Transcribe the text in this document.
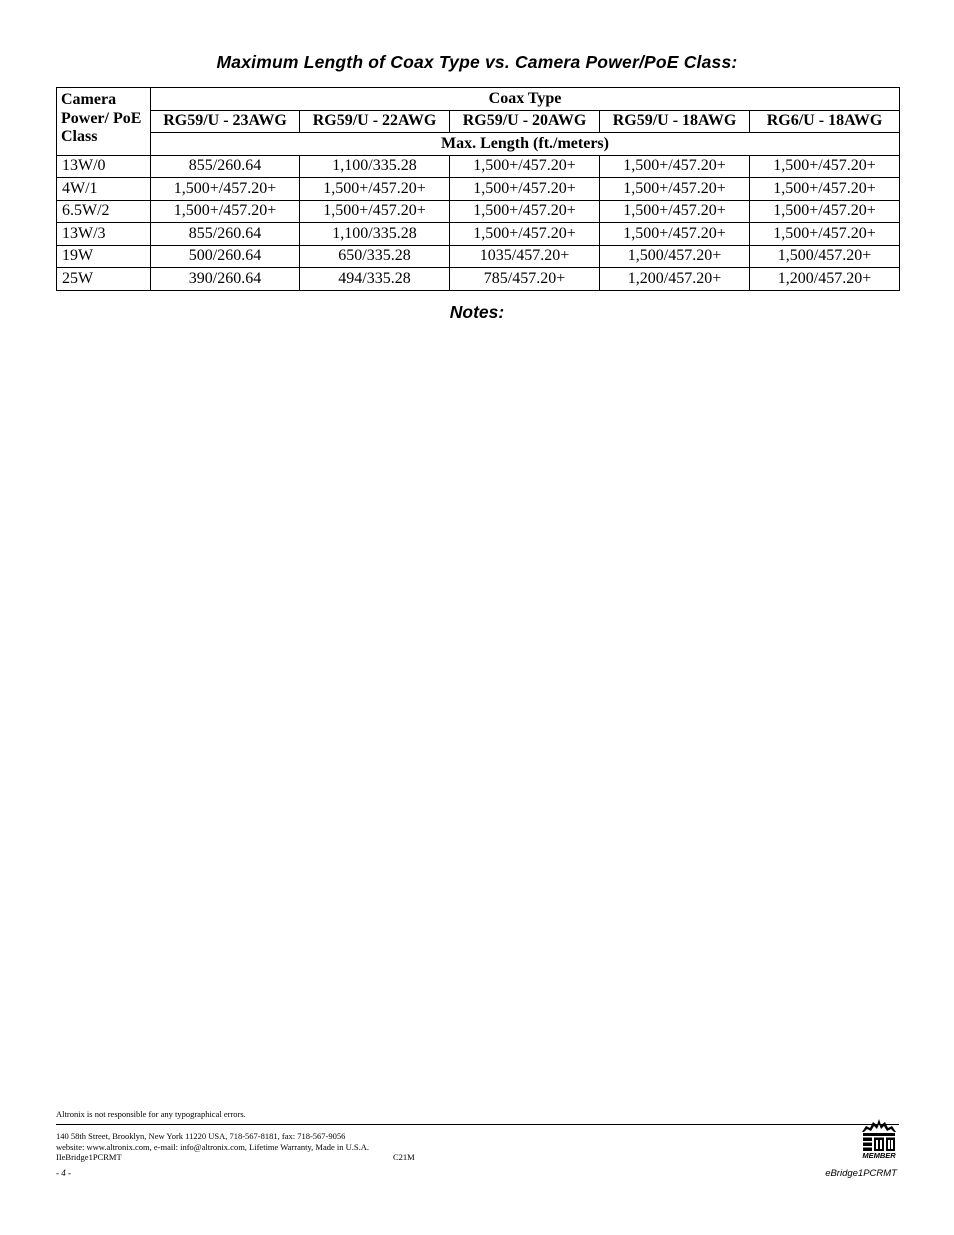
Maximum Length of Coax Type vs. Camera Power/PoE Class:
Camera Power/ PoE Class	Coax Type				
	RG59/U - 23AWG	RG59/U - 22AWG	RG59/U - 20AWG	RG59/U - 18AWG	RG6/U - 18AWG
	Max. Length (ft./meters)				
13W/0	855/260.64	1,100/335.28	1,500+/457.20+	1,500+/457.20+	1,500+/457.20+
4W/1	1,500+/457.20+	1,500+/457.20+	1,500+/457.20+	1,500+/457.20+	1,500+/457.20+
6.5W/2	1,500+/457.20+	1,500+/457.20+	1,500+/457.20+	1,500+/457.20+	1,500+/457.20+
13W/3	855/260.64	1,100/335.28	1,500+/457.20+	1,500+/457.20+	1,500+/457.20+
19W	500/260.64	650/335.28	1035/457.20+	1,500/457.20+	1,500/457.20+
25W	390/260.64	494/335.28	785/457.20+	1,200/457.20+	1,200/457.20+
Notes:
Altronix is not responsible for any typographical errors.
140 58th Street, Brooklyn, New York 11220 USA, 718-567-8181, fax: 718-567-9056
website: www.altronix.com, e-mail: info@altronix.com, Lifetime Warranty, Made in U.S.A.
IIeBridge1PCRMT	C21M
- 4 -	eBridge1PCRMT
MEMBER
